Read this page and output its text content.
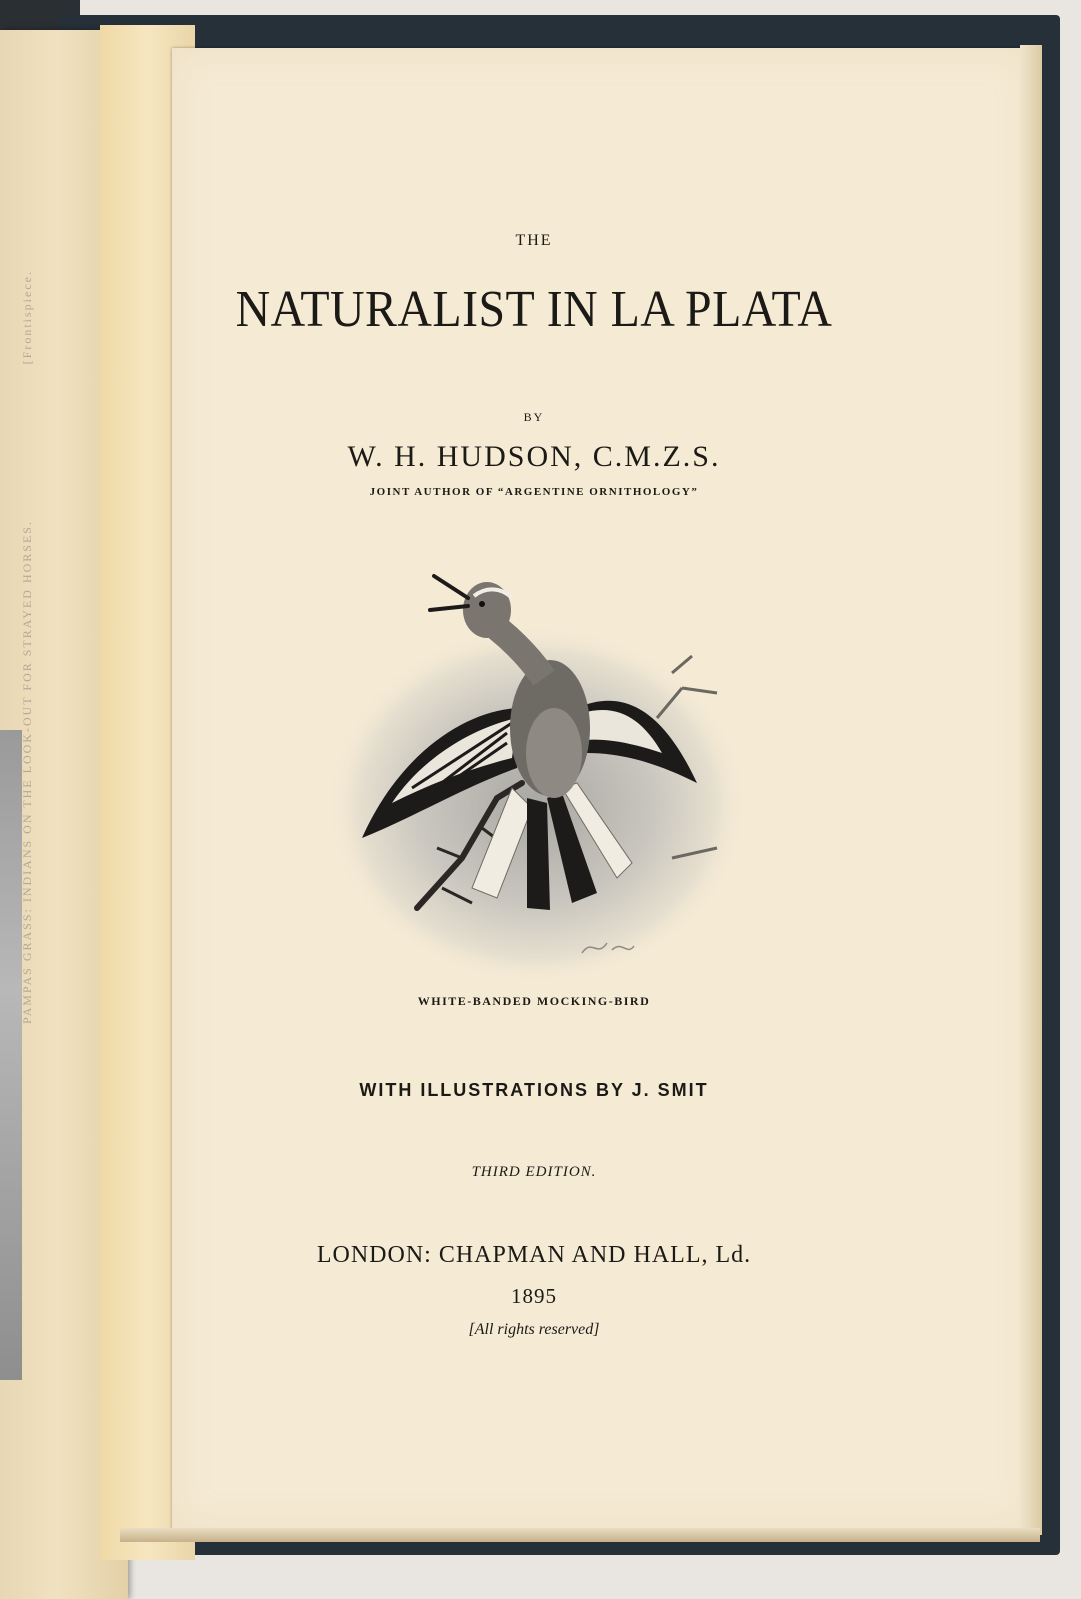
[Frontispiece.
PAMPAS GRASS: INDIANS ON THE LOOK-OUT FOR STRAYED HORSES.
THE
NATURALIST IN LA PLATA
BY
W. H. HUDSON, C.M.Z.S.
JOINT AUTHOR OF “ARGENTINE ORNITHOLOGY”
WHITE-BANDED MOCKING-BIRD
WITH ILLUSTRATIONS BY J. SMIT
THIRD EDITION.
LONDON: CHAPMAN AND HALL, Ld.
1895
[All rights reserved]
